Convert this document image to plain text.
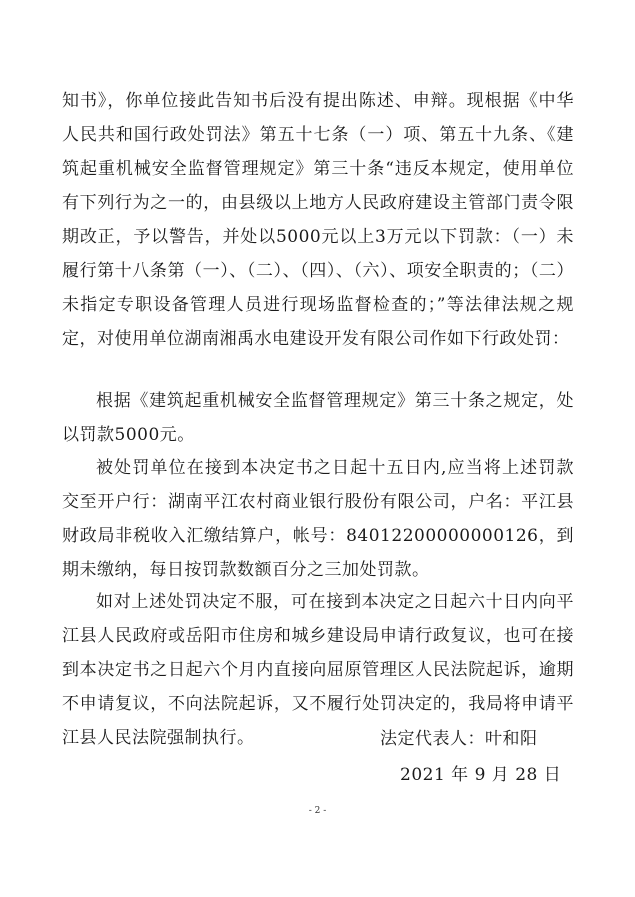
知书》，你单位接此告知书后没有提出陈述、申辩。现根据《中华人民共和国行政处罚法》第五十七条（一）项、第五十九条、《建筑起重机械安全监督管理规定》第三十条“违反本规定，使用单位有下列行为之一的，由县级以上地方人民政府建设主管部门责令限期改正，予以警告，并处以5000元以上3万元以下罚款：（一）未履行第十八条第（一）、（二）、（四）、（六）、项安全职责的；（二）未指定专职设备管理人员进行现场监督检查的；”等法律法规之规定，对使用单位湖南湘禹水电建设开发有限公司作如下行政处罚：

根据《建筑起重机械安全监督管理规定》第三十条之规定，处以罚款5000元。

被处罚单位在接到本决定书之日起十五日内,应当将上述罚款交至开户行：湖南平江农村商业银行股份有限公司，户名：平江县财政局非税收入汇缴结算户，帐号：84012200000000126，到期未缴纳，每日按罚款数额百分之三加处罚款。

如对上述处罚决定不服，可在接到本决定之日起六十日内向平江县人民政府或岳阳市住房和城乡建设局申请行政复议，也可在接到本决定书之日起六个月内直接向屈原管理区人民法院起诉，逾期不申请复议，不向法院起诉，又不履行处罚决定的，我局将申请平江县人民法院强制执行。	法定代表人：叶和阳

2021 年 9 月 28 日

- 2 -
